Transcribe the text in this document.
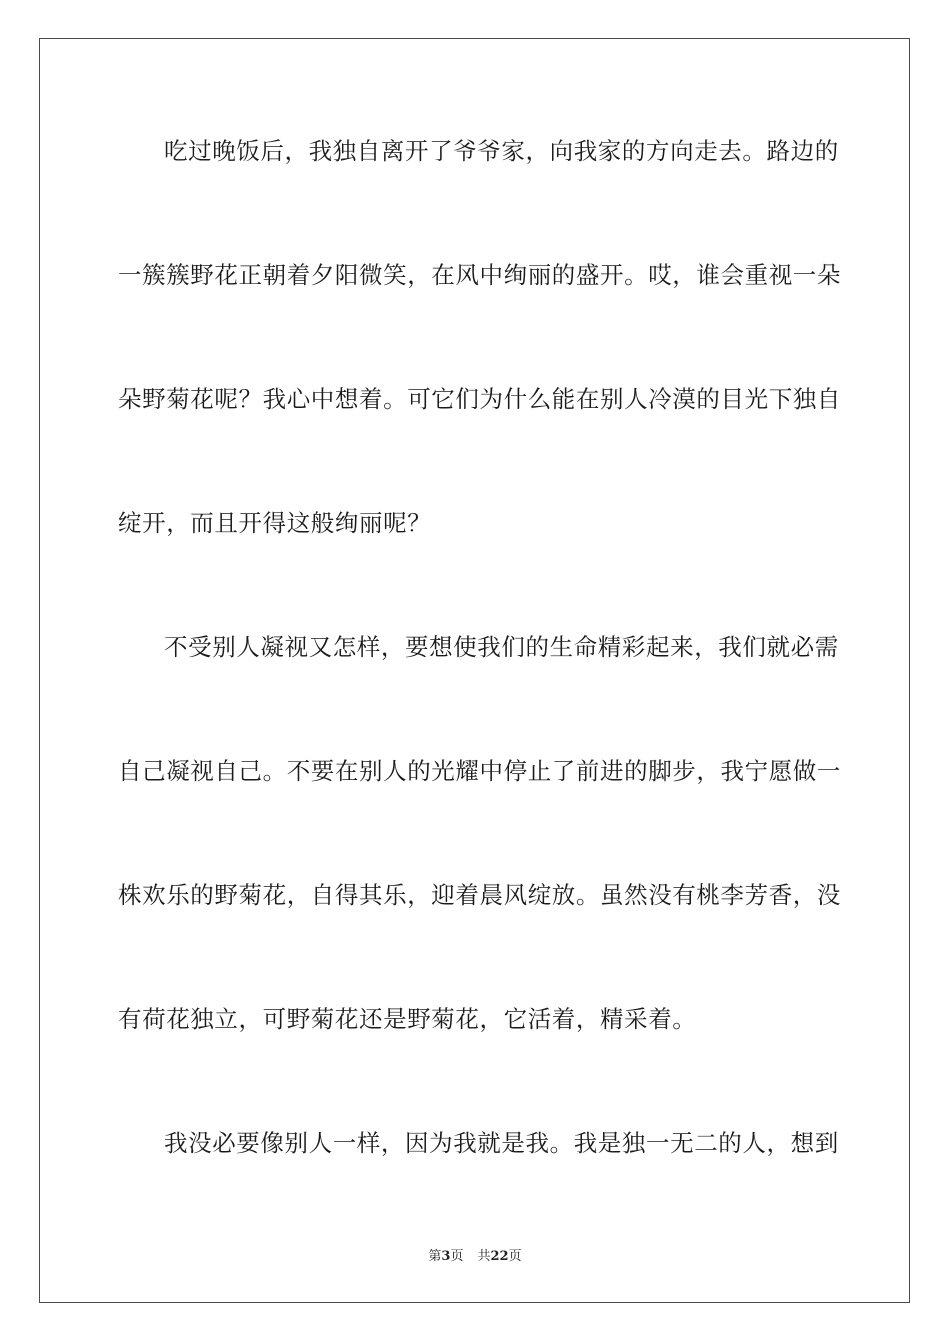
吃过晚饭后，我独自离开了爷爷家，向我家的方向走去。路边的
一簇簇野花正朝着夕阳微笑，在风中绚丽的盛开。哎，谁会重视一朵
朵野菊花呢？我心中想着。可它们为什么能在别人冷漠的目光下独自
绽开，而且开得这般绚丽呢？
不受别人凝视又怎样，要想使我们的生命精彩起来，我们就必需
自己凝视自己。不要在别人的光耀中停止了前进的脚步，我宁愿做一
株欢乐的野菊花，自得其乐，迎着晨风绽放。虽然没有桃李芳香，没
有荷花独立，可野菊花还是野菊花，它活着，精采着。
我没必要像别人一样，因为我就是我。我是独一无二的人，想到
第3页 共22页
